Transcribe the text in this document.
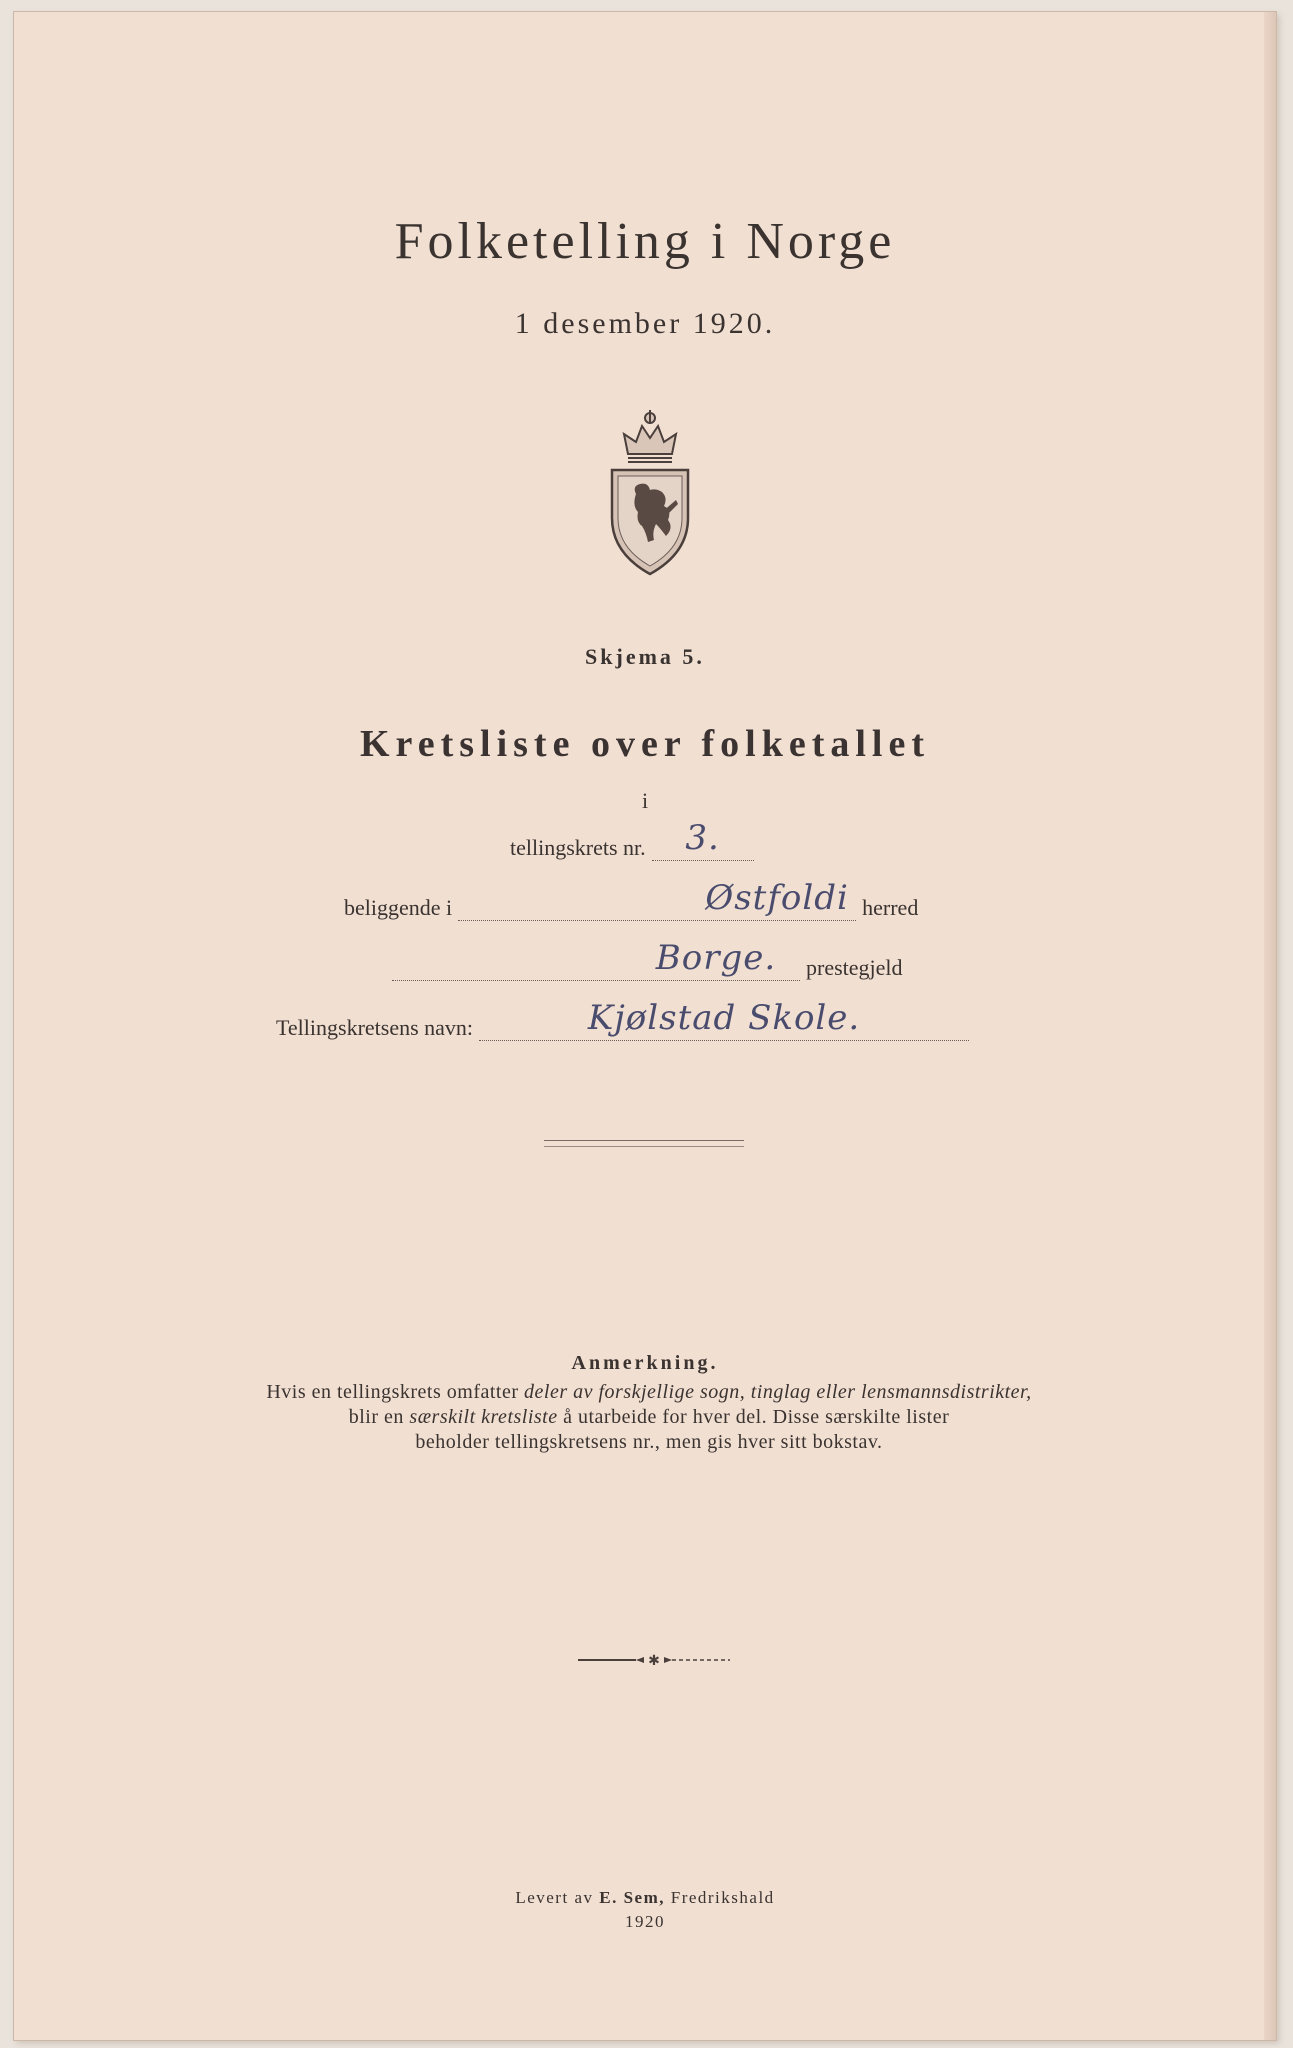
Folketelling i Norge
1 desember 1920.
Skjema 5.
Kretsliste over folketallet
i
tellingskrets nr.	3.
beliggende i	Østfoldi herred
Borge.	prestegjeld
Tellingskretsens navn:	Kjølstad Skole.
Anmerkning.
Hvis en tellingskrets omfatter deler av forskjellige sogn, tinglag eller lensmannsdistrikter,
blir en særskilt kretsliste å utarbeide for hver del. Disse særskilte lister
beholder tellingskretsens nr., men gis hver sitt bokstav.
✱
Levert av E. Sem, Fredrikshald
1920
